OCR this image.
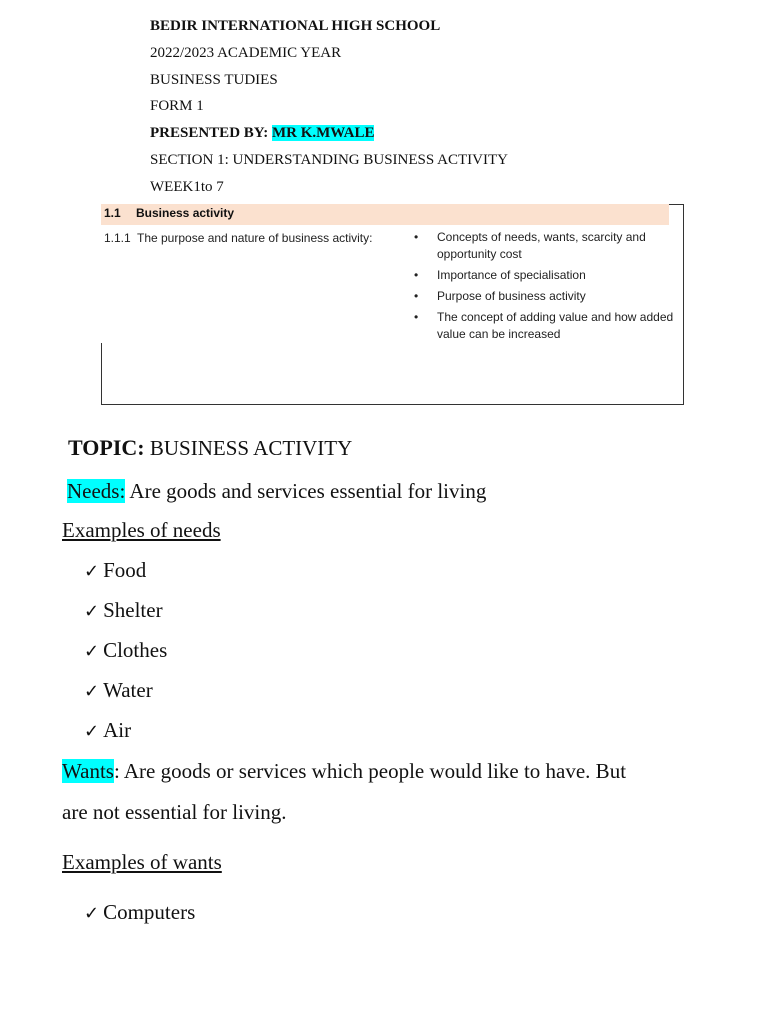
BEDIR INTERNATIONAL HIGH SCHOOL
2022/2023 ACADEMIC YEAR
BUSINESS TUDIES
FORM 1
PRESENTED BY: MR K.MWALE
SECTION 1: UNDERSTANDING BUSINESS ACTIVITY
WEEK1to 7
1.1 Business activity
1.1.1 The purpose and nature of business activity:	• Concepts of needs, wants, scarcity and opportunity cost
• Importance of specialisation
• Purpose of business activity
• The concept of adding value and how added value can be increased
TOPIC: BUSINESS ACTIVITY
Needs: Are goods and services essential for living
Examples of needs
✓ Food
✓ Shelter
✓ Clothes
✓ Water
✓ Air
Wants: Are goods or services which people would like to have. But
are not essential for living.
Examples of wants
✓ Computers
